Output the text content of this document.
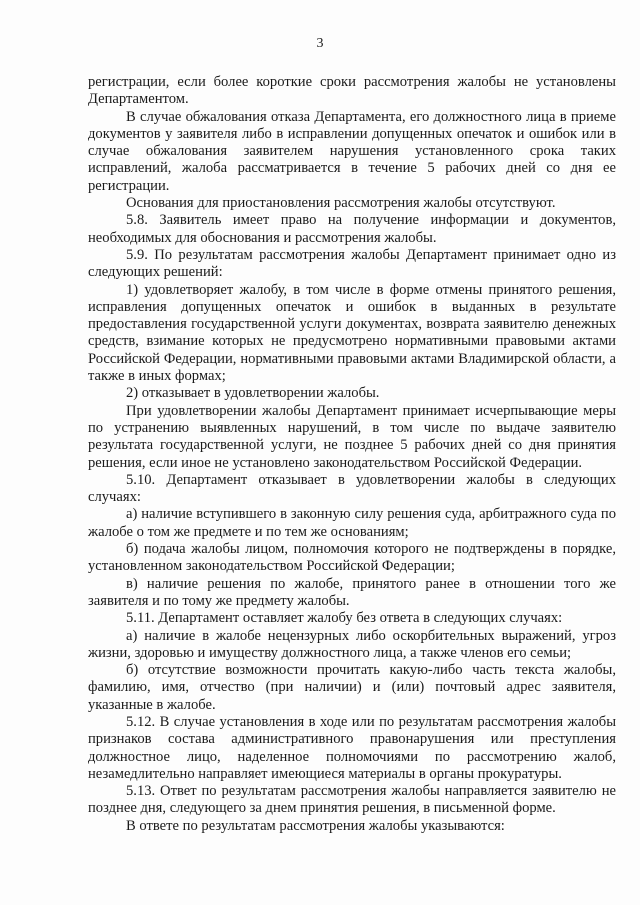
3

регистрации, если более короткие сроки рассмотрения жалобы не установлены Департаментом.

В случае обжалования отказа Департамента, его должностного лица в приеме документов у заявителя либо в исправлении допущенных опечаток и ошибок или в случае обжалования заявителем нарушения установленного срока таких исправлений, жалоба рассматривается в течение 5 рабочих дней со дня ее регистрации.

Основания для приостановления рассмотрения жалобы отсутствуют.

5.8. Заявитель имеет право на получение информации и документов, необходимых для обоснования и рассмотрения жалобы.

5.9. По результатам рассмотрения жалобы Департамент принимает одно из следующих решений:

1) удовлетворяет жалобу, в том числе в форме отмены принятого решения, исправления допущенных опечаток и ошибок в выданных в результате предоставления государственной услуги документах, возврата заявителю денежных средств, взимание которых не предусмотрено нормативными правовыми актами Российской Федерации, нормативными правовыми актами Владимирской области, а также в иных формах;

2) отказывает в удовлетворении жалобы.

При удовлетворении жалобы Департамент принимает исчерпывающие меры по устранению выявленных нарушений, в том числе по выдаче заявителю результата государственной услуги, не позднее 5 рабочих дней со дня принятия решения, если иное не установлено законодательством Российской Федерации.

5.10. Департамент отказывает в удовлетворении жалобы в следующих случаях:

а) наличие вступившего в законную силу решения суда, арбитражного суда по жалобе о том же предмете и по тем же основаниям;

б) подача жалобы лицом, полномочия которого не подтверждены в порядке, установленном законодательством Российской Федерации;

в) наличие решения по жалобе, принятого ранее в отношении того же заявителя и по тому же предмету жалобы.

5.11. Департамент оставляет жалобу без ответа в следующих случаях:

а) наличие в жалобе нецензурных либо оскорбительных выражений, угроз жизни, здоровью и имуществу должностного лица, а также членов его семьи;

б) отсутствие возможности прочитать какую-либо часть текста жалобы, фамилию, имя, отчество (при наличии) и (или) почтовый адрес заявителя, указанные в жалобе.

5.12. В случае установления в ходе или по результатам рассмотрения жалобы признаков состава административного правонарушения или преступления должностное лицо, наделенное полномочиями по рассмотрению жалоб, незамедлительно направляет имеющиеся материалы в органы прокуратуры.

5.13. Ответ по результатам рассмотрения жалобы направляется заявителю не позднее дня, следующего за днем принятия решения, в письменной форме.

В ответе по результатам рассмотрения жалобы указываются:
